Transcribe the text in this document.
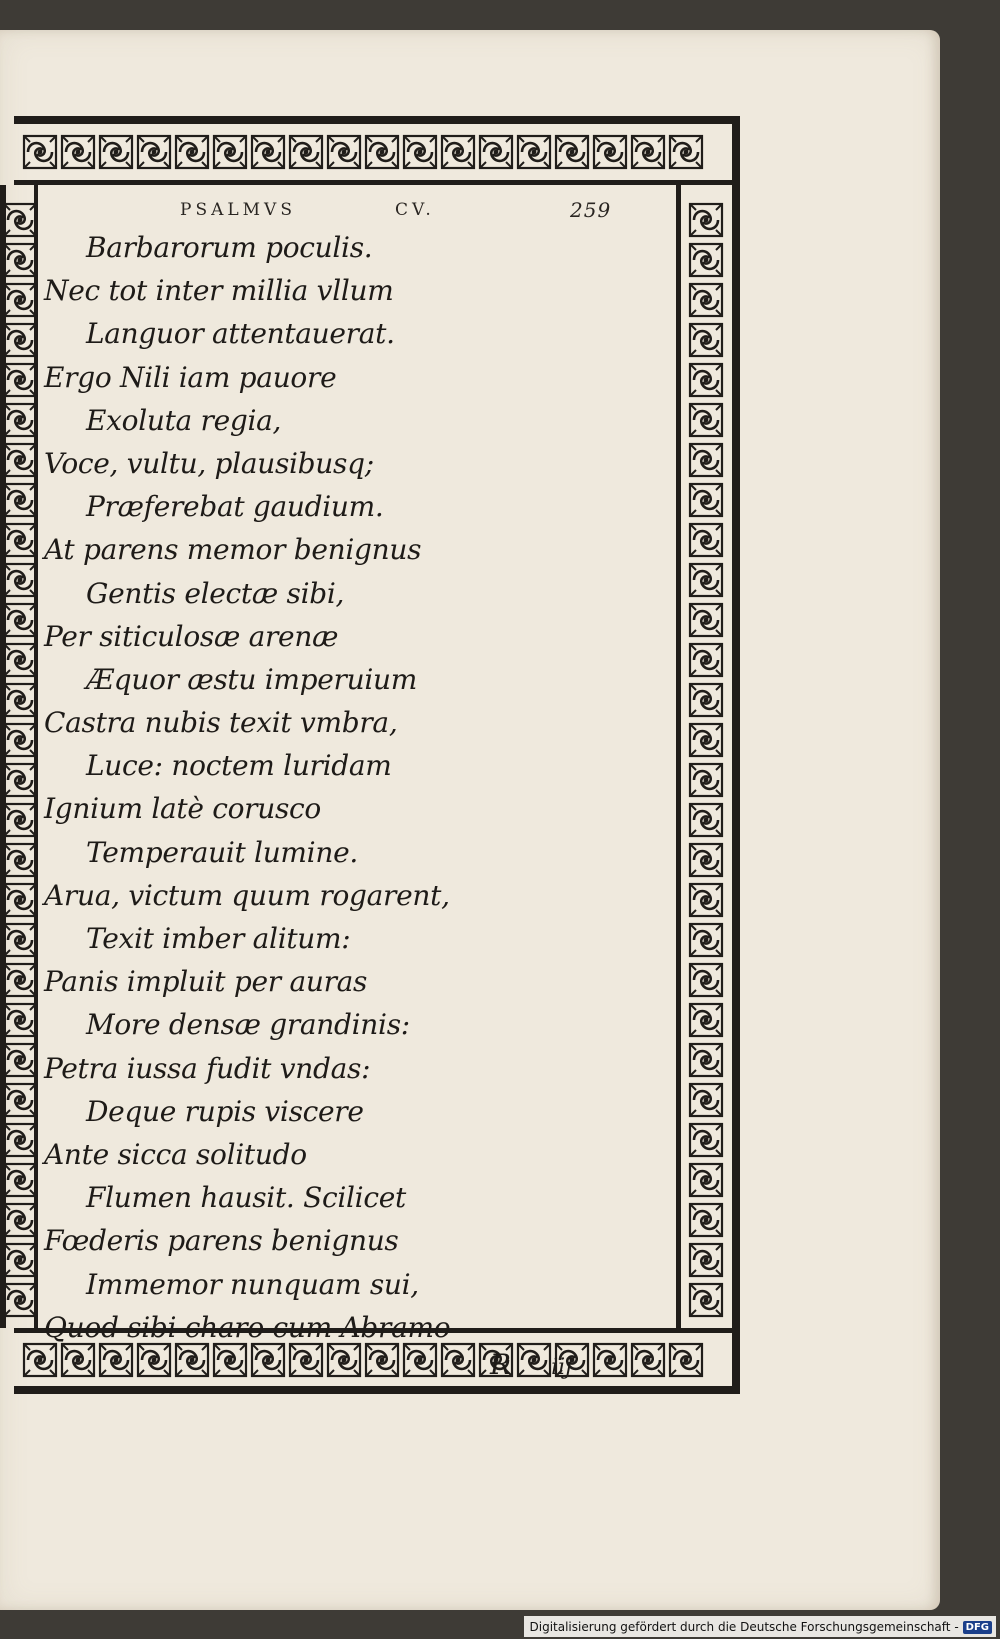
PSALMVS	CV.	259
Barbarorum poculis.
Nec tot inter millia vllum
Languor attentauerat.
Ergo Nili iam pauore
Exoluta regia,
Voce, vultu, plausibusq;
Præferebat gaudium.
At parens memor benignus
Gentis electæ sibi,
Per siticulosæ arenæ
Æquor æstu imperuium
Castra nubis texit vmbra,
Luce: noctem luridam
Ignium latè corusco
Temperauit lumine.
Arua, victum quum rogarent,
Texit imber alitum:
Panis impluit per auras
More densæ grandinis:
Petra iussa fudit vndas:
Deque rupis viscere
Ante sicca solitudo
Flumen hausit. Scilicet
Fœderis parens benignus
Immemor nunquam sui,
Quod sibi charo cum Abramo
R iij
Digitalisierung gefördert durch die Deutsche Forschungsgemeinschaft - DFG
